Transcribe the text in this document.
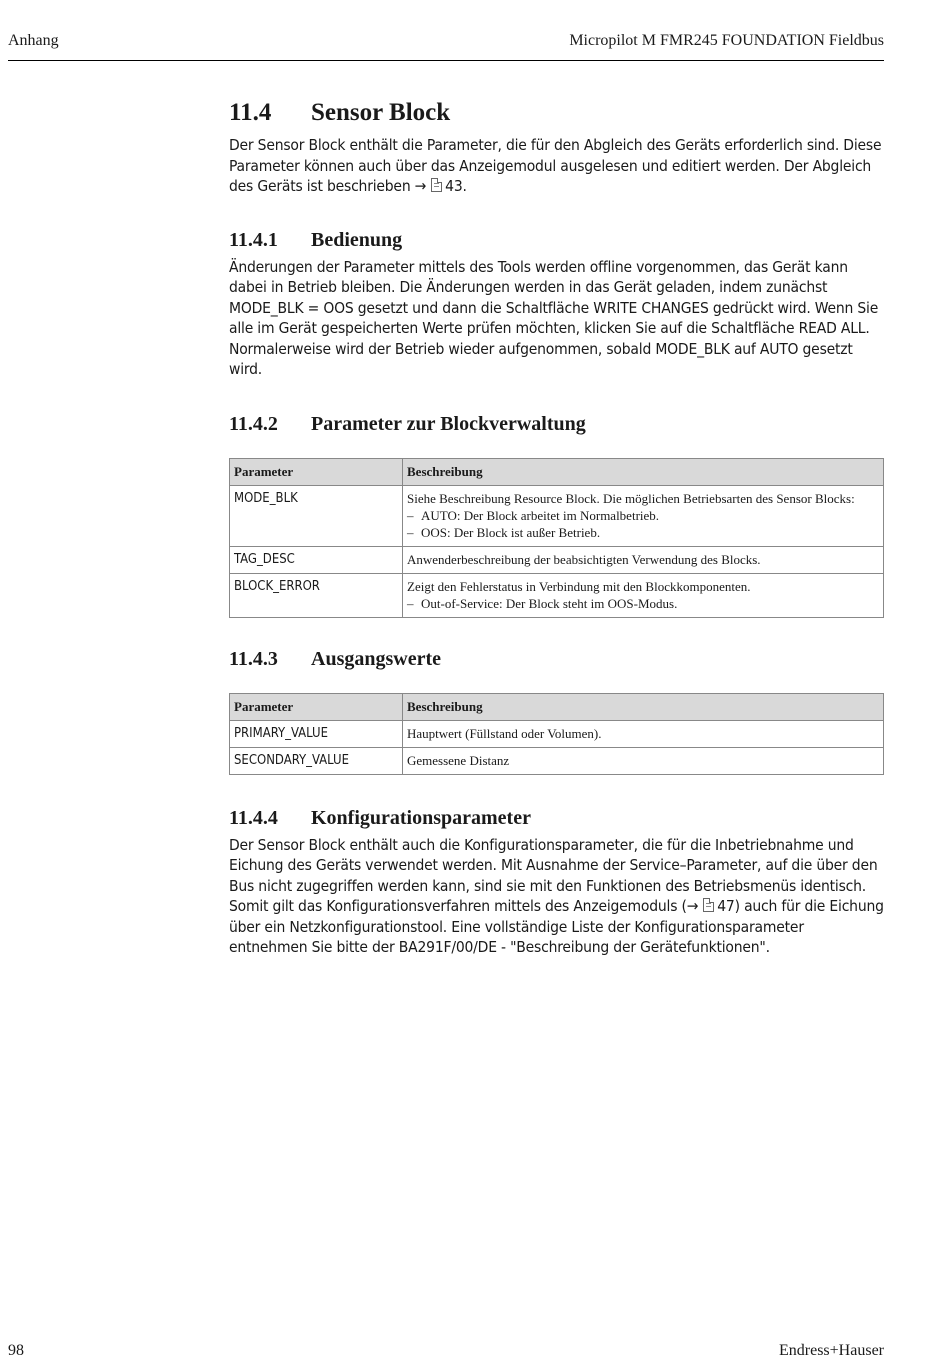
Anhang	Micropilot M FMR245 FOUNDATION Fieldbus
11.4 Sensor Block

Der Sensor Block enthält die Parameter, die für den Abgleich des Geräts erforderlich sind. Diese Parameter können auch über das Anzeigemodul ausgelesen und editiert werden. Der Abgleich des Geräts ist beschrieben → 43.

11.4.1 Bedienung

Änderungen der Parameter mittels des Tools werden offline vorgenommen, das Gerät kann dabei in Betrieb bleiben. Die Änderungen werden in das Gerät geladen, indem zunächst MODE_BLK = OOS gesetzt und dann die Schaltfläche WRITE CHANGES gedrückt wird. Wenn Sie alle im Gerät gespeicherten Werte prüfen möchten, klicken Sie auf die Schaltfläche READ ALL. Normalerweise wird der Betrieb wieder aufgenommen, sobald MODE_BLK auf AUTO gesetzt wird.

11.4.2 Parameter zur Blockverwaltung
Parameter	Beschreibung
MODE_BLK	Siehe Beschreibung Resource Block. Die möglichen Betriebsarten des Sensor Blocks:
– AUTO: Der Block arbeitet im Normalbetrieb.
– OOS: Der Block ist außer Betrieb.

TAG_DESC	Anwenderbeschreibung der beabsichtigten Verwendung des Blocks.

BLOCK_ERROR	Zeigt den Fehlerstatus in Verbindung mit den Blockkomponenten.
– Out-of-Service: Der Block steht im OOS-Modus.
11.4.3 Ausgangswerte
Parameter	Beschreibung
PRIMARY_VALUE	Hauptwert (Füllstand oder Volumen).
SECONDARY_VALUE	Gemessene Distanz
11.4.4 Konfigurationsparameter

Der Sensor Block enthält auch die Konfigurationsparameter, die für die Inbetriebnahme und Eichung des Geräts verwendet werden. Mit Ausnahme der Service–Parameter, auf die über den Bus nicht zugegriffen werden kann, sind sie mit den Funktionen des Betriebsmenüs identisch. Somit gilt das Konfigurationsverfahren mittels des Anzeigemoduls (→ 47) auch für die Eichung über ein Netzkonfigurationstool. Eine vollständige Liste der Konfigurationsparameter entnehmen Sie bitte der BA291F/00/DE - "Beschreibung der Gerätefunktionen".

98	Endress+Hauser
